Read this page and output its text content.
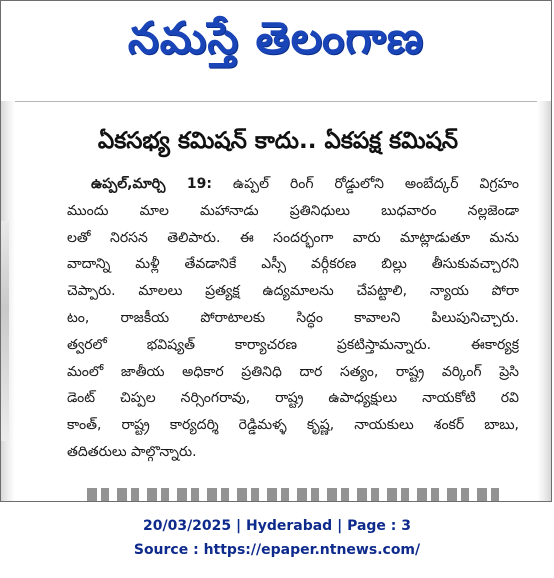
నమస్తే తెలంగాణ
ఏకసభ్య కమిషన్ కాదు.. ఏకపక్ష కమిషన్
ఉప్పల్,మార్చి 19: ఉప్పల్ రింగ్ రోడ్డులోని అంబేద్కర్ విగ్రహం
ముందు మాల మహానాడు ప్రతినిధులు బుధవారం నల్లజెండా
లతో నిరసన తెలిపారు. ఈ సందర్భంగా వారు మాట్లాడుతూ మను
వాదాన్ని మళ్లీ తేవడానికే ఎస్సీ వర్గీకరణ బిల్లు తీసుకువచ్చారని
చెప్పారు. మాలలు ప్రత్యక్ష ఉద్యమాలను చేపట్టాలి, న్యాయ పోరా
టం, రాజకీయ పోరాటాలకు సిద్ధం కావాలని పిలుపునిచ్చారు.
త్వరలో భవిష్యత్ కార్యాచరణ ప్రకటిస్తామన్నారు. ఈకార్యక్ర
మంలో జాతీయ అధికార ప్రతినిధి దార సత్యం, రాష్ట్ర వర్కింగ్ ప్రెసి
డెంట్ చిప్పల నర్సింగరావు, రాష్ట్ర ఉపాధ్యక్షులు నాయకోటి రవి
కాంత్, రాష్ట్ర కార్యదర్శి రెడ్డిమళ్ళ కృష్ణ, నాయకులు శంకర్ బాబు,
తదితరులు పాల్గొన్నారు.
20/03/2025 | Hyderabad | Page : 3
Source : https://epaper.ntnews.com/
